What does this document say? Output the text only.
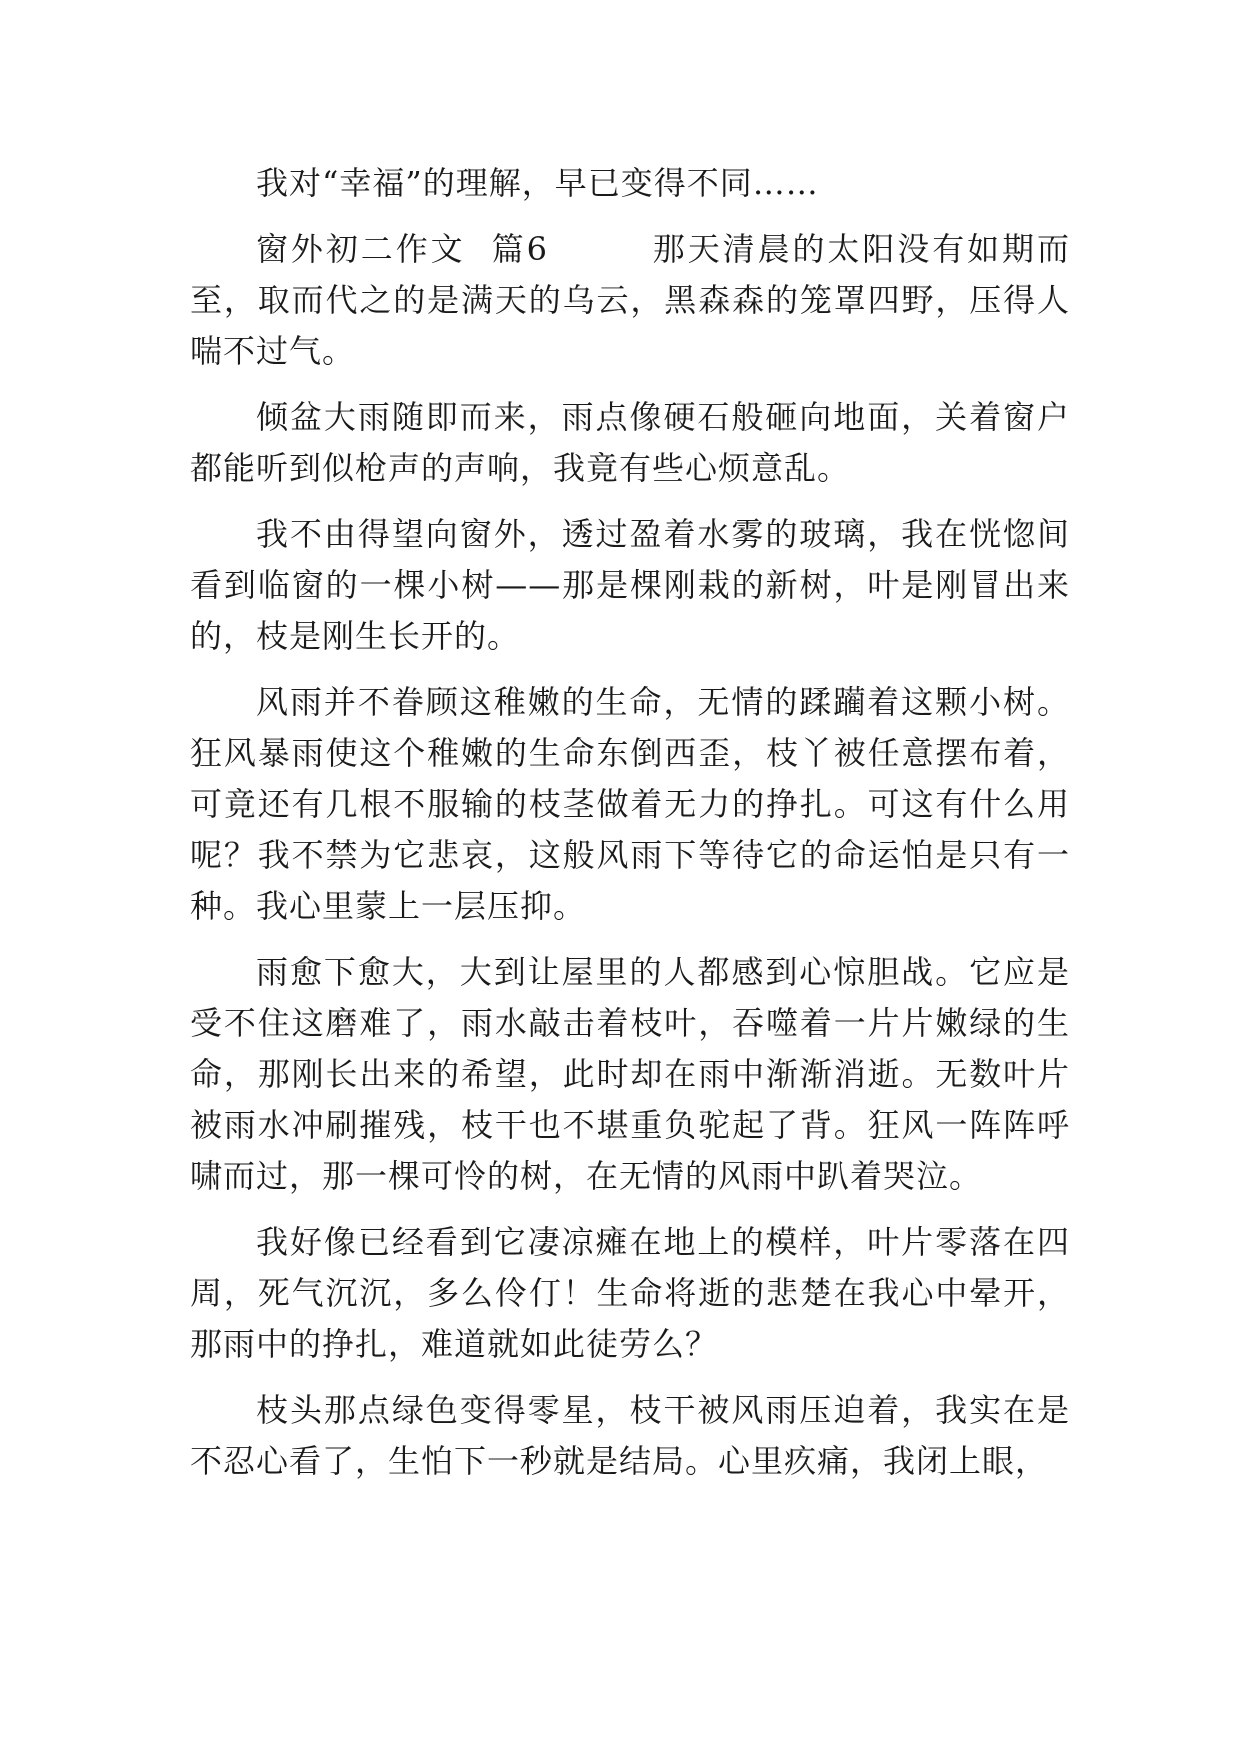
我对“幸福”的理解，早已变得不同……

窗外初二作文  篇6        那天清晨的太阳没有如期而至，取而代之的是满天的乌云，黑森森的笼罩四野，压得人喘不过气。

倾盆大雨随即而来，雨点像硬石般砸向地面，关着窗户都能听到似枪声的声响，我竟有些心烦意乱。

我不由得望向窗外，透过盈着水雾的玻璃，我在恍惚间看到临窗的一棵小树——那是棵刚栽的新树，叶是刚冒出来的，枝是刚生长开的。

风雨并不眷顾这稚嫩的生命，无情的蹂躏着这颗小树。狂风暴雨使这个稚嫩的生命东倒西歪，枝丫被任意摆布着，可竟还有几根不服输的枝茎做着无力的挣扎。可这有什么用呢？我不禁为它悲哀，这般风雨下等待它的命运怕是只有一种。我心里蒙上一层压抑。

雨愈下愈大，大到让屋里的人都感到心惊胆战。它应是受不住这磨难了，雨水敲击着枝叶，吞噬着一片片嫩绿的生命，那刚长出来的希望，此时却在雨中渐渐消逝。无数叶片被雨水冲刷摧残，枝干也不堪重负驼起了背。狂风一阵阵呼啸而过，那一棵可怜的树，在无情的风雨中趴着哭泣。

我好像已经看到它凄凉瘫在地上的模样，叶片零落在四周，死气沉沉，多么伶仃！生命将逝的悲楚在我心中晕开，那雨中的挣扎，难道就如此徒劳么？

枝头那点绿色变得零星，枝干被风雨压迫着，我实在是不忍心看了，生怕下一秒就是结局。心里疚痛，我闭上眼，
